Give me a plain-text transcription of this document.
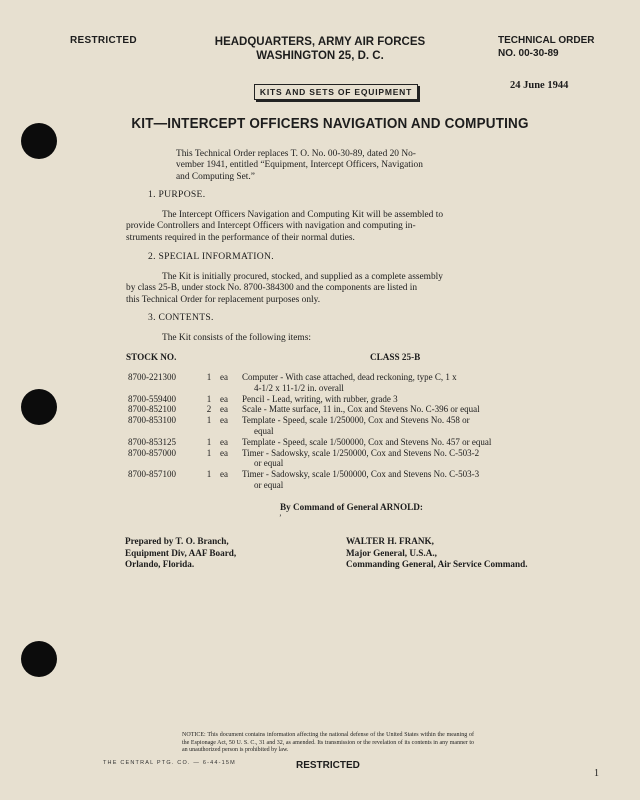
RESTRICTED	HEADQUARTERS, ARMY AIR FORCES
WASHINGTON 25, D. C.
TECHNICAL ORDER
NO. 00-30-89
24 June 1944
KITS AND SETS OF EQUIPMENT
KIT—INTERCEPT OFFICERS NAVIGATION AND COMPUTING
This Technical Order replaces T. O. No. 00-30-89, dated 20 No-
vember 1941, entitled “Equipment, Intercept Officers, Navigation
and Computing Set.”
1. PURPOSE.
The Intercept Officers Navigation and Computing Kit will be assembled to
provide Controllers and Intercept Officers with navigation and computing in-
struments required in the performance of their normal duties.
2. SPECIAL INFORMATION.
The Kit is initially procured, stocked, and supplied as a complete assembly
by class 25-B, under stock No. 8700-384300 and the components are listed in
this Technical Order for replacement purposes only.
3. CONTENTS.
The Kit consists of the following items:
STOCK NO.	CLASS 25-B
8700-221300	1 ea	Computer - With case attached, dead reckoning, type C, 1 x
4-1/2 x 11-1/2 in. overall
8700-559400	1 ea	Pencil - Lead, writing, with rubber, grade 3
8700-852100	2 ea	Scale - Matte surface, 11 in., Cox and Stevens No. C-396 or equal
8700-853100	1 ea	Template - Speed, scale 1/250000, Cox and Stevens No. 458 or
equal
8700-853125	1 ea	Template - Speed, scale 1/500000, Cox and Stevens No. 457 or equal
8700-857000	1 ea	Timer - Sadowsky, scale 1/250000, Cox and Stevens No. C-503-2
or equal
8700-857100	1 ea	Timer - Sadowsky, scale 1/500000, Cox and Stevens No. C-503-3
or equal
By Command of General ARNOLD:
ʼ
Prepared by T. O. Branch,
Equipment Div, AAF Board,
Orlando, Florida.
WALTER H. FRANK,
Major General, U.S.A.,
Commanding General, Air Service Command.
NOTICE: This document contains information affecting the national defense of the United States within the meaning of the Espionage Act, 50 U. S. C., 31 and 32, as amended. Its transmission or the revelation of its contents in any manner to an unauthorized person is prohibited by law.
THE CENTRAL PTG. CO. — 6-44-15M	RESTRICTED
1
